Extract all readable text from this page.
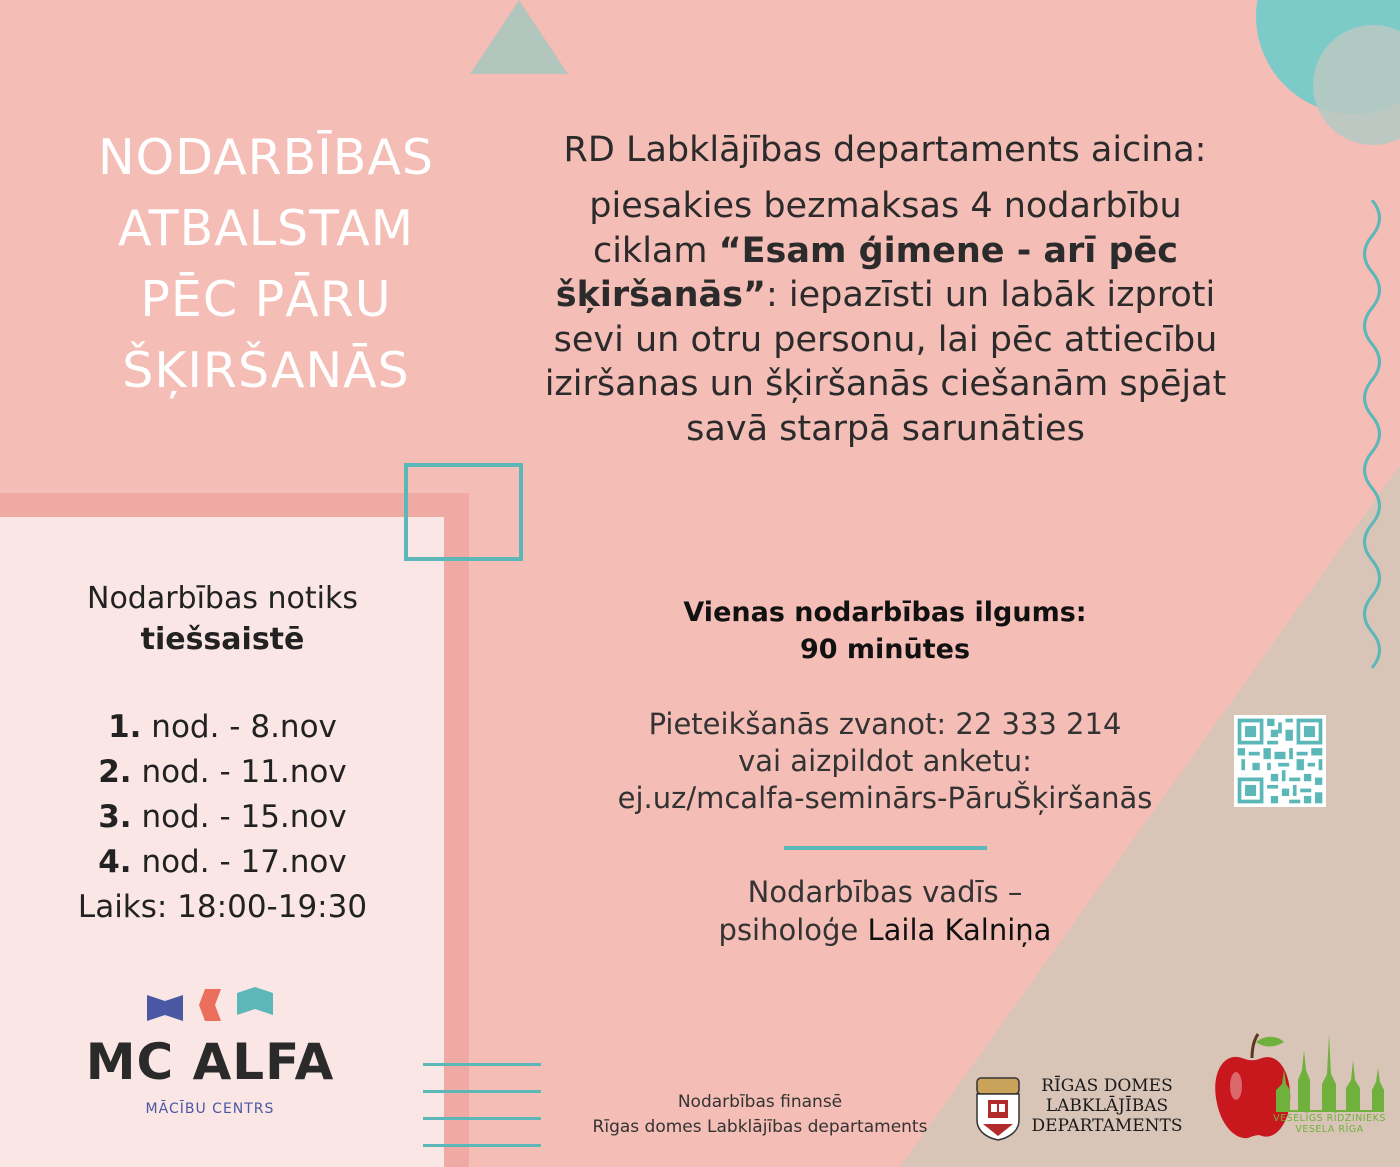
NODARBĪBAS
ATBALSTAM
PĒC PĀRU
ŠĶIRŠANĀS
RD Labklājības departaments aicina:
piesakies bezmaksas 4 nodarbību ciklam “Esam ģimene - arī pēc šķiršanās”: iepazīsti un labāk izproti sevi un otru personu, lai pēc attiecību iziršanas un šķiršanās ciešanām spējat savā starpā sarunāties
Vienas nodarbības ilgums:
90 minūtes
Pieteikšanās zvanot: 22 333 214
vai aizpildot anketu:
ej.uz/mcalfa-seminārs-PāruŠķiršanās
Nodarbības vadīs –
psiholoģe Laila Kalniņa
Nodarbības notiks
tiešsaistē
1. nod. - 8.nov
2. nod. - 11.nov
3. nod. - 15.nov
4. nod. - 17.nov
Laiks: 18:00-19:30
MC ALFA
MĀCĪBU CENTRS	Nodarbības finansē
Rīgas domes Labklājības departaments
RĪGAS DOMES
LABKLĀJĪBAS
DEPARTAMENTS	VESELĪGS RĪDZINIEKS
VESELA RĪGA
